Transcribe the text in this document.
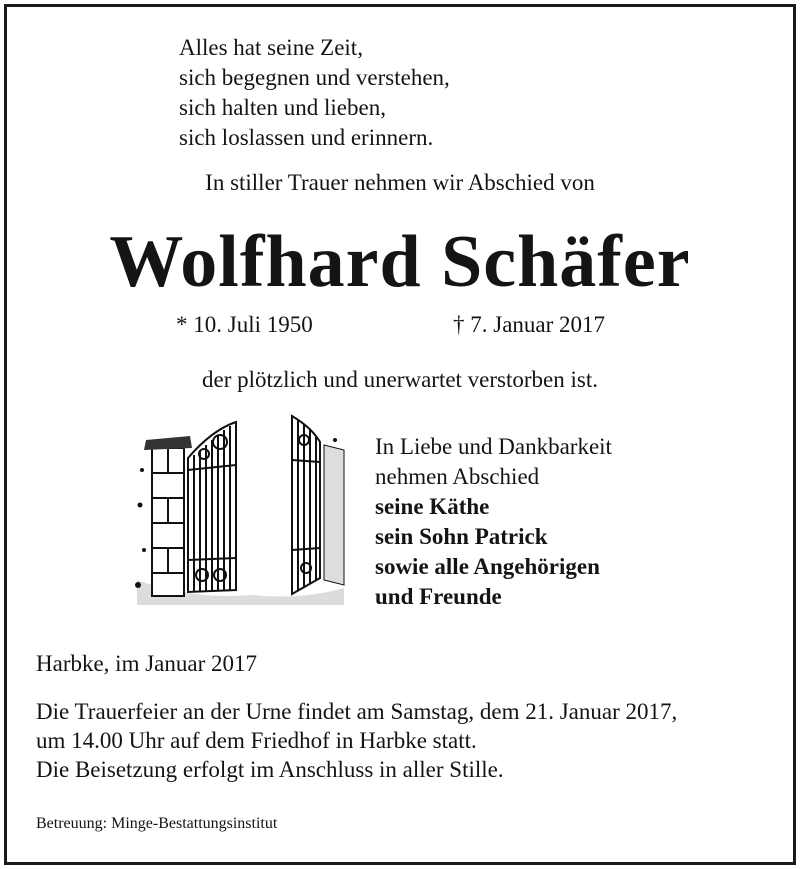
Alles hat seine Zeit,
sich begegnen und verstehen,
sich halten und lieben,
sich loslassen und erinnern.
In stiller Trauer nehmen wir Abschied von
Wolfhard Schäfer
* 10. Juli 1950	† 7. Januar 2017
der plötzlich und unerwartet verstorben ist.
In Liebe und Dankbarkeit
nehmen Abschied
seine Käthe
sein Sohn Patrick
sowie alle Angehörigen
und Freunde
Harbke, im Januar 2017
Die Trauerfeier an der Urne findet am Samstag, dem 21. Januar 2017,
um 14.00 Uhr auf dem Friedhof in Harbke statt.
Die Beisetzung erfolgt im Anschluss in aller Stille.
Betreuung: Minge-Bestattungsinstitut
